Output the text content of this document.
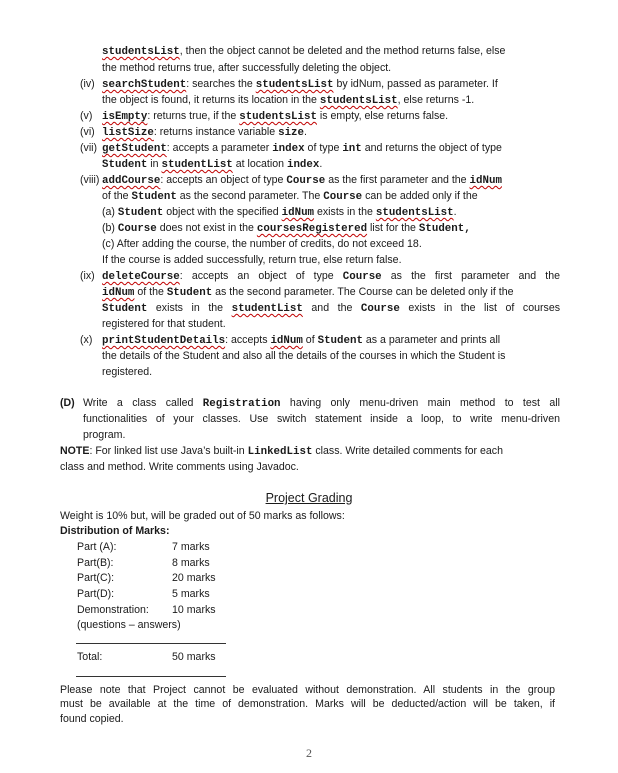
studentsList, then the object cannot be deleted and the method returns false, else
the method returns true, after successfully deleting the object.
(iv) searchStudent: searches the studentsList by idNum, passed as parameter. If
the object is found, it returns its location in the studentsList, else returns -1.
(v) isEmpty: returns true, if the studentsList is empty, else returns false.
(vi) listSize: returns instance variable size.
(vii) getStudent: accepts a parameter index of type int and returns the object of type
Student in studentList at location index.
(viii) addCourse: accepts an object of type Course as the first parameter and the idNum
of the Student as the second parameter. The Course can be added only if the
(a) Student object with the specified idNum exists in the studentsList.
(b) Course does not exist in the coursesRegistered list for the Student,
(c) After adding the course, the number of credits, do not exceed 18.
If the course is added successfully, return true, else return false.
(ix) deleteCourse: accepts an object of type Course as the first parameter and the
idNum of the Student as the second parameter. The Course can be deleted only if the
Student exists in the studentList and the Course exists in the list of courses
registered for that student.
(x) printStudentDetails: accepts idNum of Student as a parameter and prints all
the details of the Student and also all the details of the courses in which the Student is
registered.
(D) Write a class called Registration having only menu-driven main method to test all
functionalities of your classes. Use switch statement inside a loop, to write menu-driven
program.
NOTE: For linked list use Java’s built-in LinkedList class. Write detailed comments for each
class and method. Write comments using Javadoc.
Project Grading
Weight is 10% but, will be graded out of 50 marks as follows:
Distribution of Marks:
Part (A):	7 marks
Part(B):	8 marks
Part(C):	20 marks
Part(D):	5 marks
Demonstration: 10 marks
(questions – answers)
Total:	50 marks
Please note that Project cannot be evaluated without demonstration. All students in the group
must be available at the time of demonstration. Marks will be deducted/action will be taken, if
found copied.
2
